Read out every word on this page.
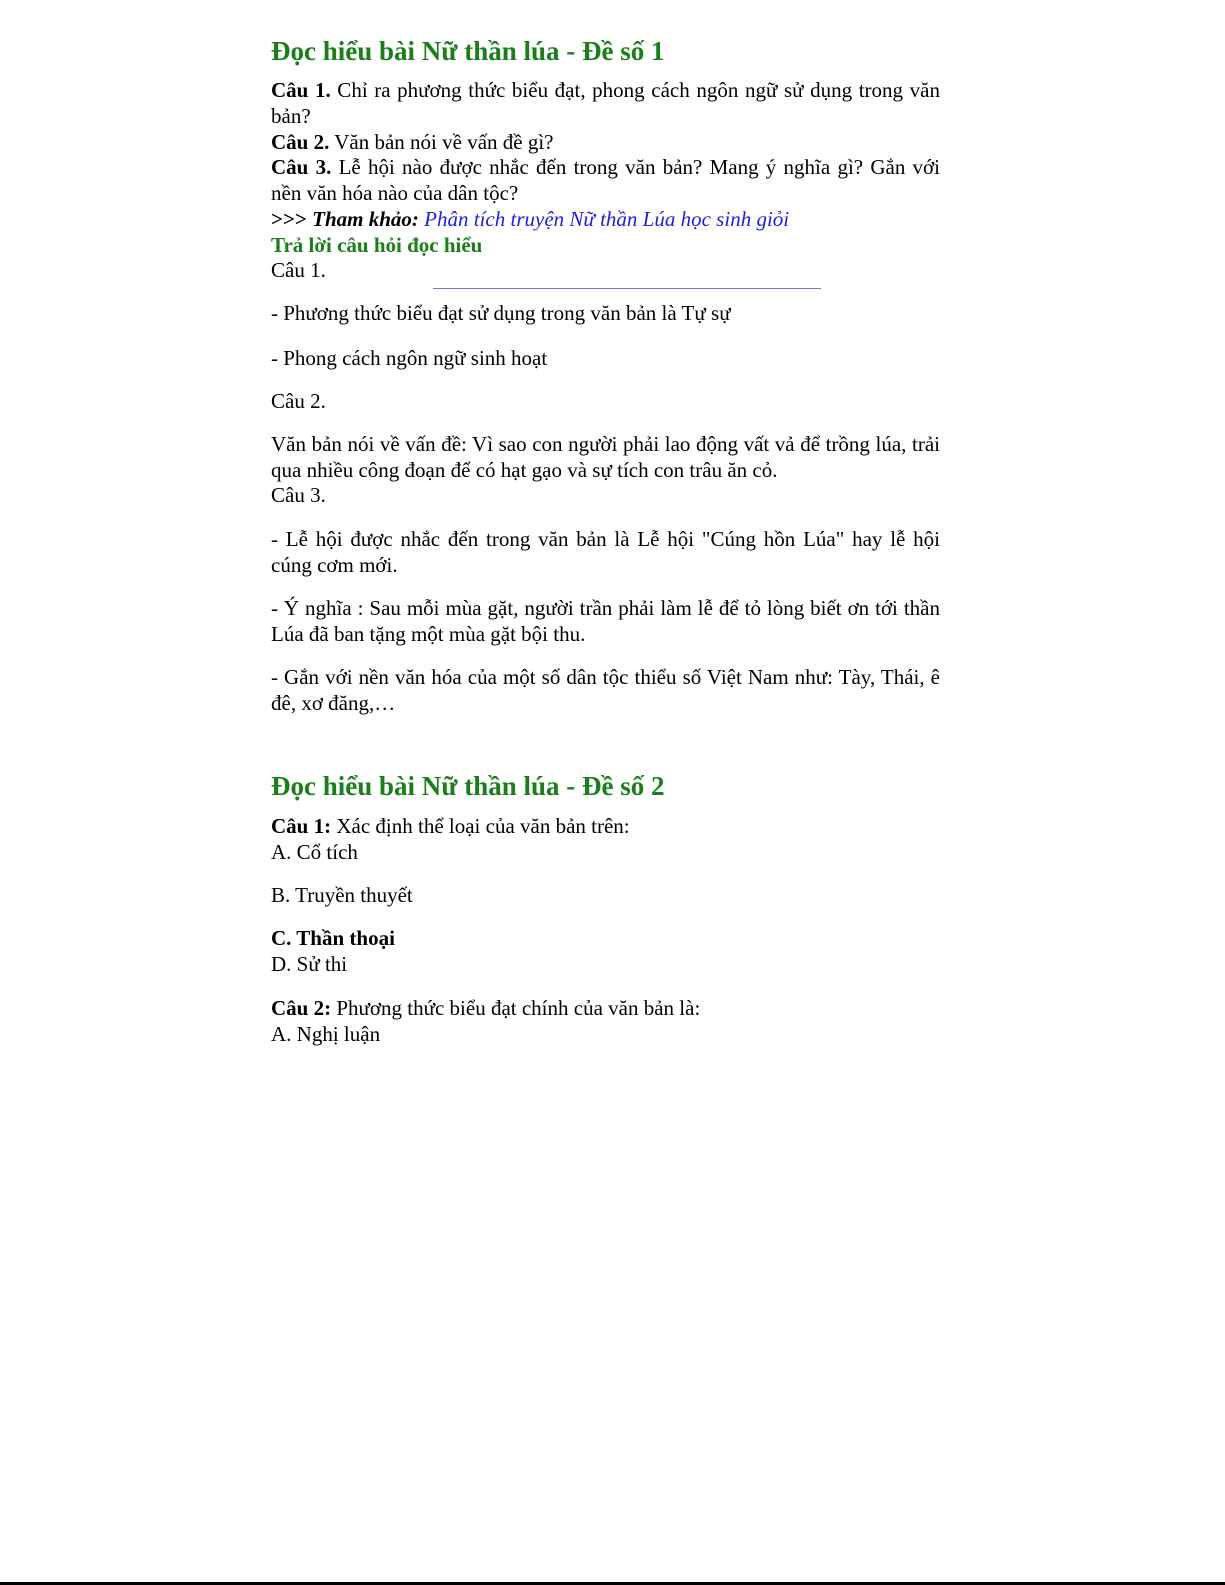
Đọc hiểu bài Nữ thần lúa - Đề số 1
Câu 1. Chỉ ra phương thức biểu đạt, phong cách ngôn ngữ sử dụng trong văn bản?
Câu 2. Văn bản nói về vấn đề gì?
Câu 3. Lễ hội nào được nhắc đến trong văn bản? Mang ý nghĩa gì? Gắn với nền văn hóa nào của dân tộc?
>>> Tham khảo: Phân tích truyện Nữ thần Lúa học sinh giỏi
Trả lời câu hỏi đọc hiểu
Câu 1.
- Phương thức biểu đạt sử dụng trong văn bản là Tự sự
- Phong cách ngôn ngữ sinh hoạt
Câu 2.
Văn bản nói về vấn đề: Vì sao con người phải lao động vất vả để trồng lúa, trải qua nhiều công đoạn để có hạt gạo và sự tích con trâu ăn cỏ.
Câu 3.
- Lễ hội được nhắc đến trong văn bản là Lễ hội "Cúng hồn Lúa" hay lễ hội cúng cơm mới.
- Ý nghĩa : Sau mỗi mùa gặt, người trần phải làm lễ để tỏ lòng biết ơn tới thần Lúa đã ban tặng một mùa gặt bội thu.
- Gắn với nền văn hóa của một số dân tộc thiểu số Việt Nam như: Tày, Thái, ê đê, xơ đăng,…
Đọc hiểu bài Nữ thần lúa - Đề số 2
Câu 1: Xác định thể loại của văn bản trên:
A. Cổ tích
B. Truyền thuyết
C. Thần thoại
D. Sử thi
Câu 2: Phương thức biểu đạt chính của văn bản là:
A. Nghị luận
